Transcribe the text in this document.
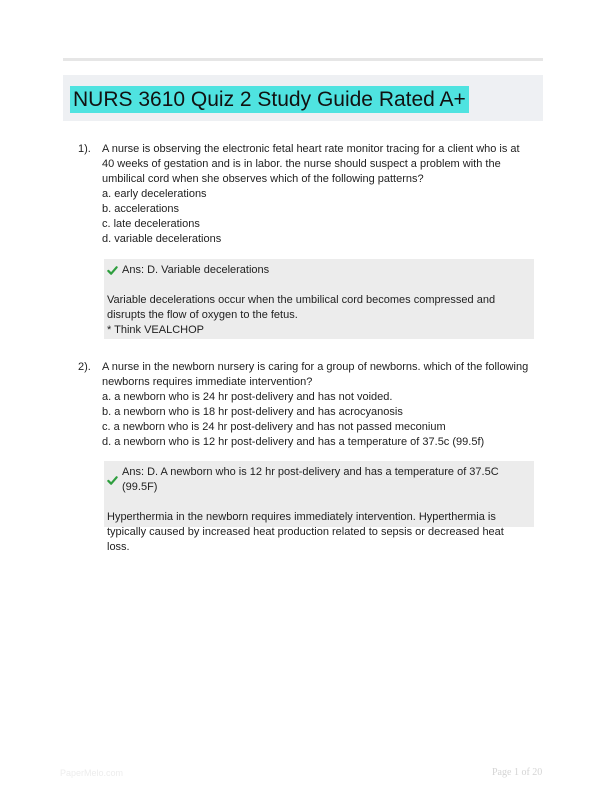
NURS 3610 Quiz 2 Study Guide Rated A+
1). A nurse is observing the electronic fetal heart rate monitor tracing for a client who is at 40 weeks of gestation and is in labor. the nurse should suspect a problem with the umbilical cord when she observes which of the following patterns?

a. early decelerations

b. accelerations

c. late decelerations

d. variable decelerations

Ans: D. Variable decelerations

Variable decelerations occur when the umbilical cord becomes compressed and disrupts the flow of oxygen to the fetus.
* Think VEALCHOP

2). A nurse in the newborn nursery is caring for a group of newborns. which of the following newborns requires immediate intervention?

a. a newborn who is 24 hr post-delivery and has not voided.

b. a newborn who is 18 hr post-delivery and has acrocyanosis

c. a newborn who is 24 hr post-delivery and has not passed meconium

d. a newborn who is 12 hr post-delivery and has a temperature of 37.5c (99.5f)

Ans: D. A newborn who is 12 hr post-delivery and has a temperature of 37.5C (99.5F)

Hyperthermia in the newborn requires immediately intervention. Hyperthermia is typically caused by increased heat production related to sepsis or decreased heat loss.

PaperMelo.com	Page 1 of 20
